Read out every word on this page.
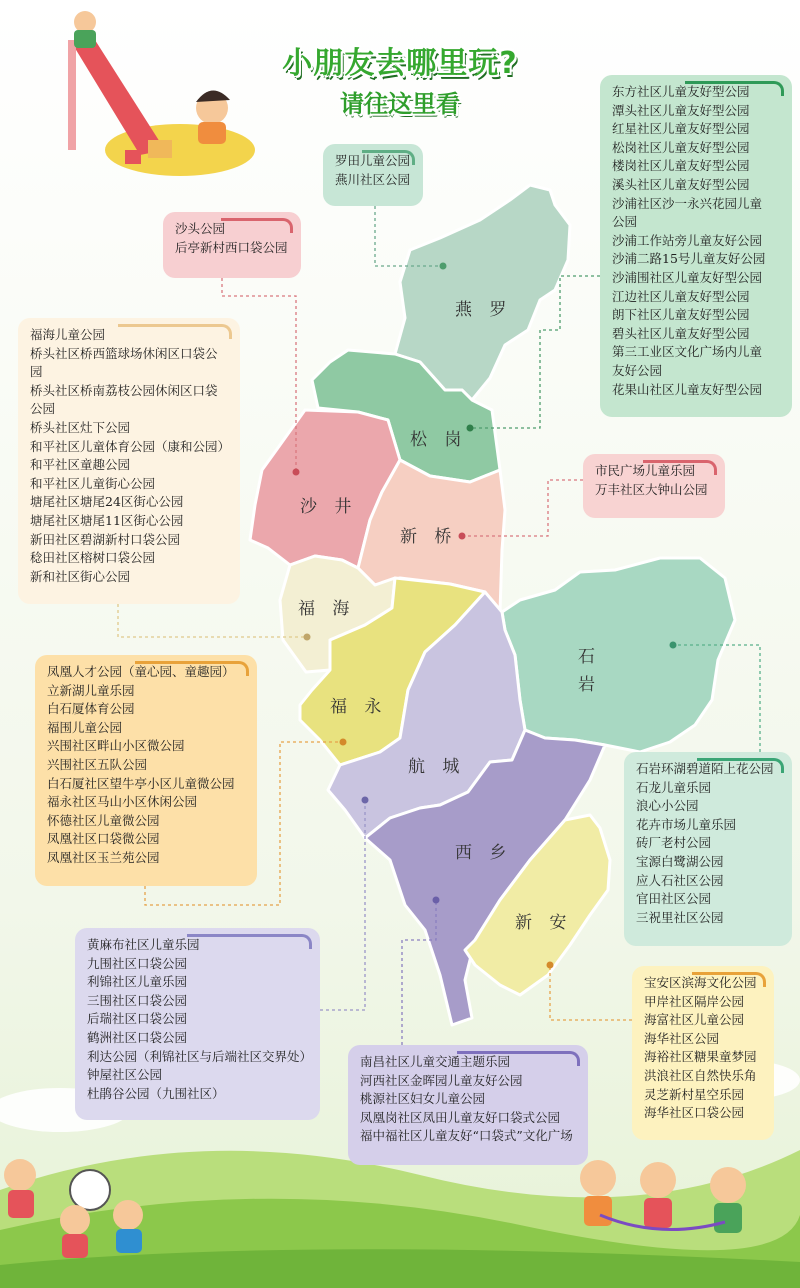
小朋友去哪里玩?
请往这里看
燕 罗
松 岗
沙 井
新 桥
福 海
福 永
石
岩
航 城
西 乡
新 安
罗田儿童公园
燕川社区公园
东方社区儿童友好型公园
潭头社区儿童友好型公园
红星社区儿童友好型公园
松岗社区儿童友好型公园
楼岗社区儿童友好型公园
溪头社区儿童友好型公园
沙浦社区沙一永兴花园儿童
公园
沙浦工作站旁儿童友好公园
沙浦二路15号儿童友好公园
沙浦围社区儿童友好型公园
江边社区儿童友好型公园
朗下社区儿童友好型公园
碧头社区儿童友好型公园
第三工业区文化广场内儿童
友好公园
花果山社区儿童友好型公园
沙头公园
后亭新村西口袋公园
福海儿童公园
桥头社区桥西篮球场休闲区口袋公
园
桥头社区桥南荔枝公园休闲区口袋
公园
桥头社区灶下公园
和平社区儿童体育公园（康和公园）
和平社区童趣公园
和平社区儿童街心公园
塘尾社区塘尾24区街心公园
塘尾社区塘尾11区街心公园
新田社区碧湖新村口袋公园
稔田社区榕树口袋公园
新和社区街心公园
市民广场儿童乐园
万丰社区大钟山公园
凤凰人才公园（童心园、童趣园）
立新湖儿童乐园
白石厦体育公园
福围儿童公园
兴围社区畔山小区微公园
兴围社区五队公园
白石厦社区望牛亭小区儿童微公园
福永社区马山小区休闲公园
怀德社区儿童微公园
凤凰社区口袋微公园
凤凰社区玉兰苑公园
石岩环湖碧道陌上花公园
石龙儿童乐园
浪心小公园
花卉市场儿童乐园
砖厂老村公园
宝源白鹭湖公园
应人石社区公园
官田社区公园
三祝里社区公园
黄麻布社区儿童乐园
九围社区口袋公园
利锦社区儿童乐园
三围社区口袋公园
后瑞社区口袋公园
鹤洲社区口袋公园
利达公园（利锦社区与后端社区交界处）
钟屋社区公园
杜鹃谷公园（九围社区）
南昌社区儿童交通主题乐园
河西社区金晖园儿童友好公园
桃源社区妇女儿童公园
凤凰岗社区凤田儿童友好口袋式公园
福中福社区儿童友好“口袋式”文化广场
宝安区滨海文化公园
甲岸社区隔岸公园
海富社区儿童公园
海华社区公园
海裕社区糖果童梦园
洪浪社区自然快乐角
灵芝新村星空乐园
海华社区口袋公园
